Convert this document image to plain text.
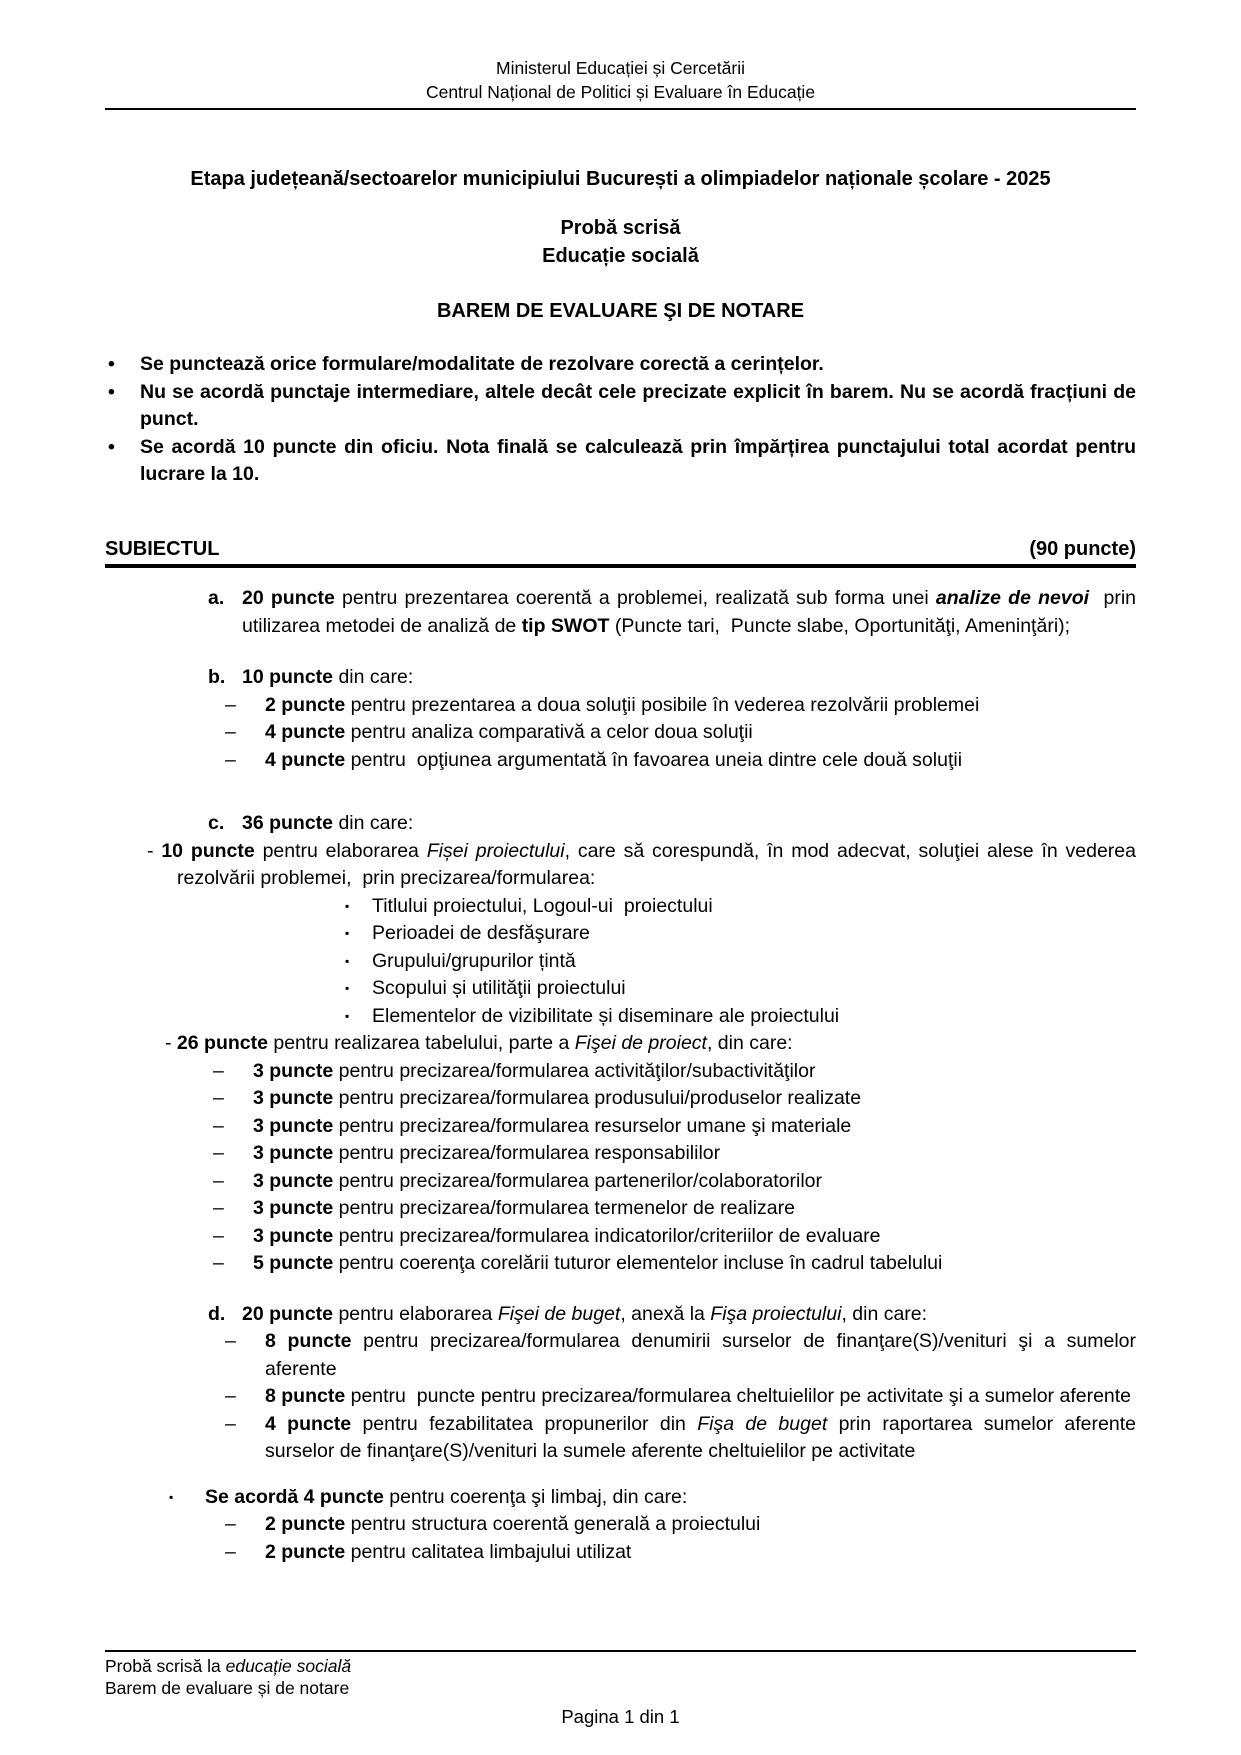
Ministerul Educației și Cercetării
Centrul Național de Politici și Evaluare în Educație
Etapa județeană/sectoarelor municipiului București a olimpiadelor naționale școlare - 2025
Probă scrisă
Educație socială
BAREM DE EVALUARE ŞI DE NOTARE
•	Se punctează orice formulare/modalitate de rezolvare corectă a cerințelor.
•	Nu se acordă punctaje intermediare, altele decât cele precizate explicit în barem. Nu se acordă fracțiuni de punct.
•	Se acordă 10 puncte din oficiu. Nota finală se calculează prin împărțirea punctajului total acordat pentru lucrare la 10.
SUBIECTUL	(90 puncte)
a. 20 puncte pentru prezentarea coerentă a problemei, realizată sub forma unei analize de nevoi  prin utilizarea metodei de analiză de tip SWOT (Puncte tari,  Puncte slabe, Oportunităţi, Ameninţări);
b. 10 puncte din care:
–	2 puncte pentru prezentarea a doua soluţii posibile în vederea rezolvării problemei
–	4 puncte pentru analiza comparativă a celor doua soluţii
–	4 puncte pentru  opţiunea argumentată în favoarea uneia dintre cele două soluţii
c. 36 puncte din care:
- 10 puncte pentru elaborarea Fișei proiectului, care să corespundă, în mod adecvat, soluţiei alese în vederea rezolvării problemei,  prin precizarea/formularea:
▪	Titlului proiectului, Logoul-ui  proiectului
▪	Perioadei de desfăşurare
▪	Grupului/grupurilor țintă
▪	Scopului și utilităţii proiectului
▪	Elementelor de vizibilitate și diseminare ale proiectului
- 26 puncte pentru realizarea tabelului, parte a Fişei de proiect, din care:
–	3 puncte pentru precizarea/formularea activităţilor/subactivităţilor
–	3 puncte pentru precizarea/formularea produsului/produselor realizate
–	3 puncte pentru precizarea/formularea resurselor umane şi materiale
–	3 puncte pentru precizarea/formularea responsabililor
–	3 puncte pentru precizarea/formularea partenerilor/colaboratorilor
–	3 puncte pentru precizarea/formularea termenelor de realizare
–	3 puncte pentru precizarea/formularea indicatorilor/criteriilor de evaluare
–	5 puncte pentru coerenţa corelării tuturor elementelor incluse în cadrul tabelului
d. 20 puncte pentru elaborarea Fişei de buget, anexă la Fişa proiectului, din care:
–	8 puncte pentru precizarea/formularea denumirii surselor de finanţare(S)/venituri şi a sumelor aferente
–	8 puncte pentru  puncte pentru precizarea/formularea cheltuielilor pe activitate şi a sumelor aferente
–	4 puncte pentru fezabilitatea propunerilor din Fişa de buget prin raportarea sumelor aferente surselor de finanţare(S)/venituri la sumele aferente cheltuielilor pe activitate
▪	Se acordă 4 puncte pentru coerenţa şi limbaj, din care:
–	2 puncte pentru structura coerentă generală a proiectului
–	2 puncte pentru calitatea limbajului utilizat
Probă scrisă la educație socială
Barem de evaluare și de notare
Pagina 1 din 1
